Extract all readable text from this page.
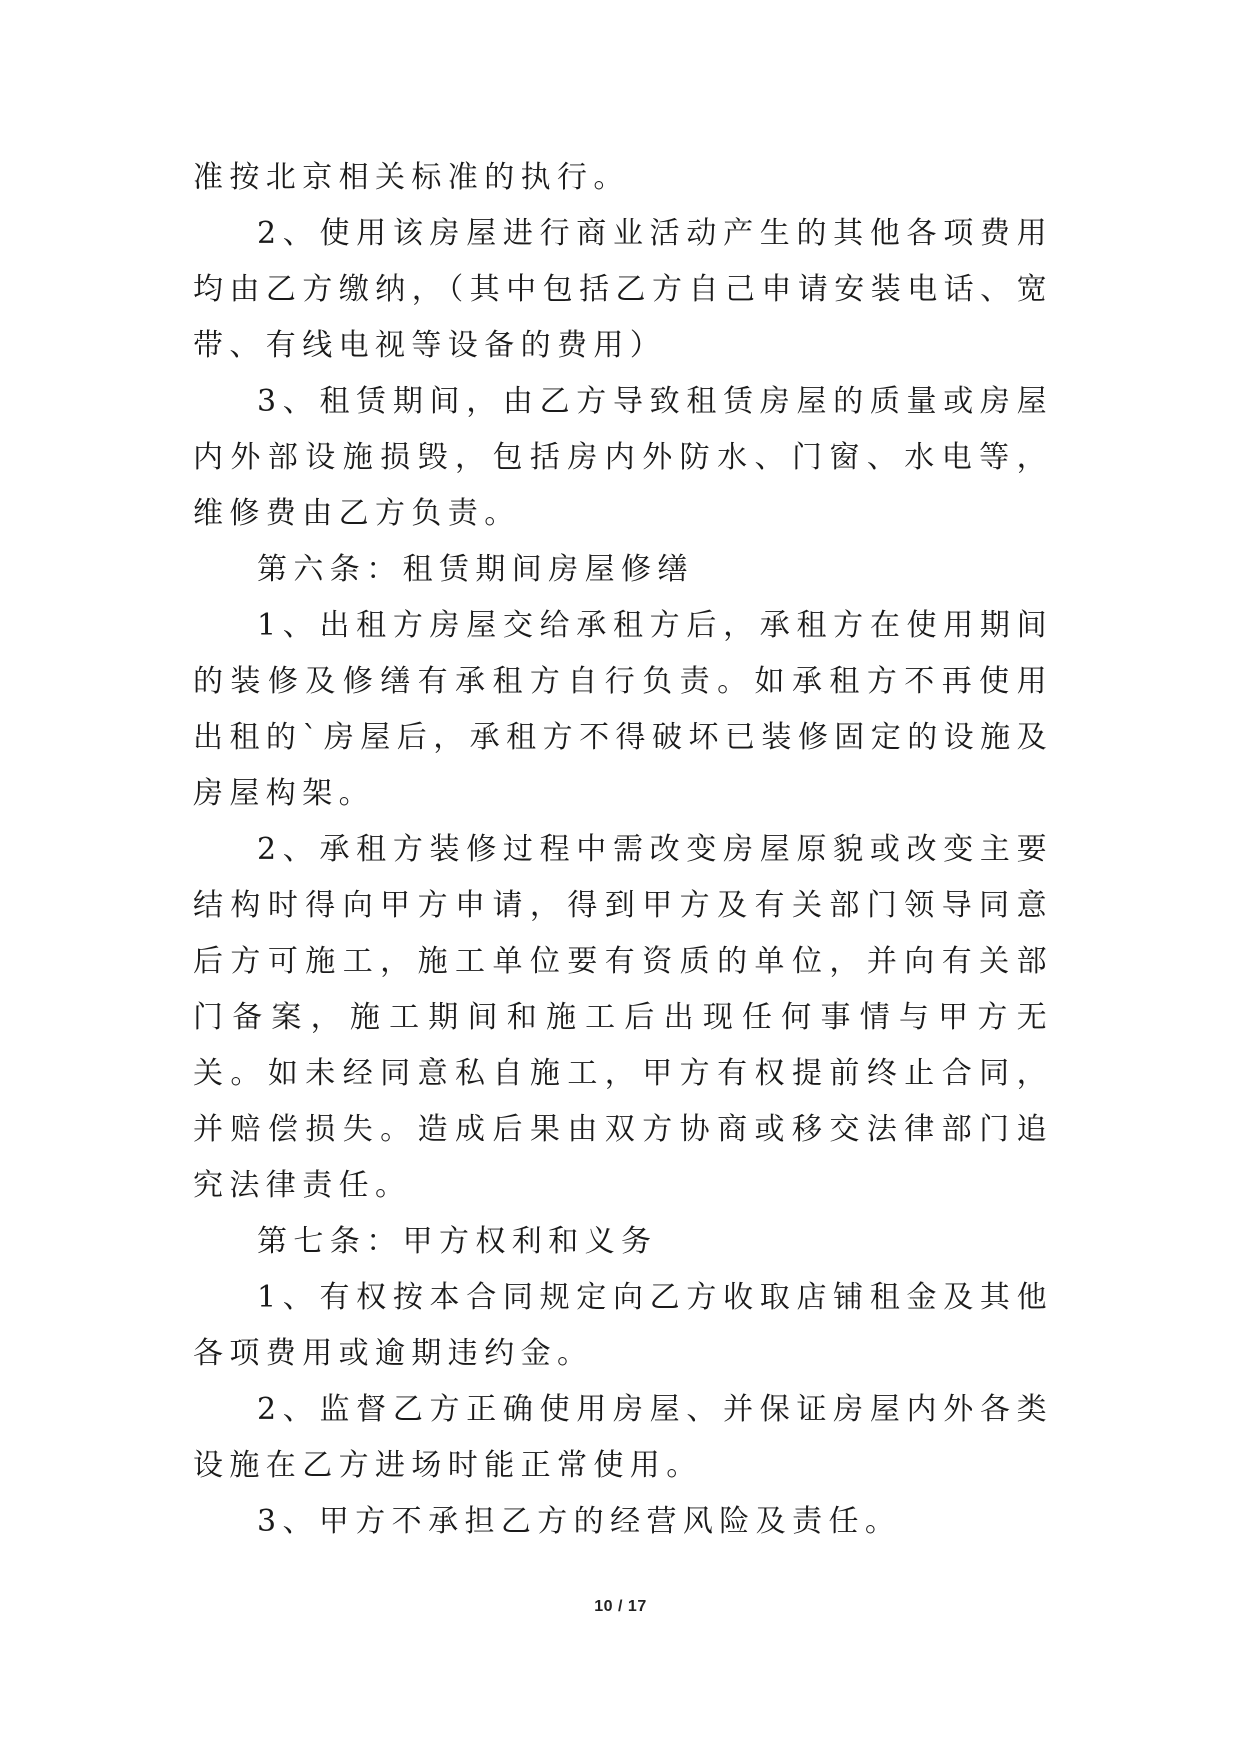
准按北京相关标准的执行。

2、使用该房屋进行商业活动产生的其他各项费用均由乙方缴纳，（其中包括乙方自己申请安装电话、宽带、有线电视等设备的费用）

3、租赁期间，由乙方导致租赁房屋的质量或房屋内外部设施损毁，包括房内外防水、门窗、水电等，维修费由乙方负责。

第六条：租赁期间房屋修缮

1、出租方房屋交给承租方后，承租方在使用期间的装修及修缮有承租方自行负责。如承租方不再使用出租的`房屋后，承租方不得破坏已装修固定的设施及房屋构架。

2、承租方装修过程中需改变房屋原貌或改变主要结构时得向甲方申请，得到甲方及有关部门领导同意后方可施工，施工单位要有资质的单位，并向有关部门备案，施工期间和施工后出现任何事情与甲方无关。如未经同意私自施工，甲方有权提前终止合同，并赔偿损失。造成后果由双方协商或移交法律部门追究法律责任。

第七条：甲方权利和义务

1、有权按本合同规定向乙方收取店铺租金及其他各项费用或逾期违约金。

2、监督乙方正确使用房屋、并保证房屋内外各类设施在乙方进场时能正常使用。

3、甲方不承担乙方的经营风险及责任。

10 / 17
